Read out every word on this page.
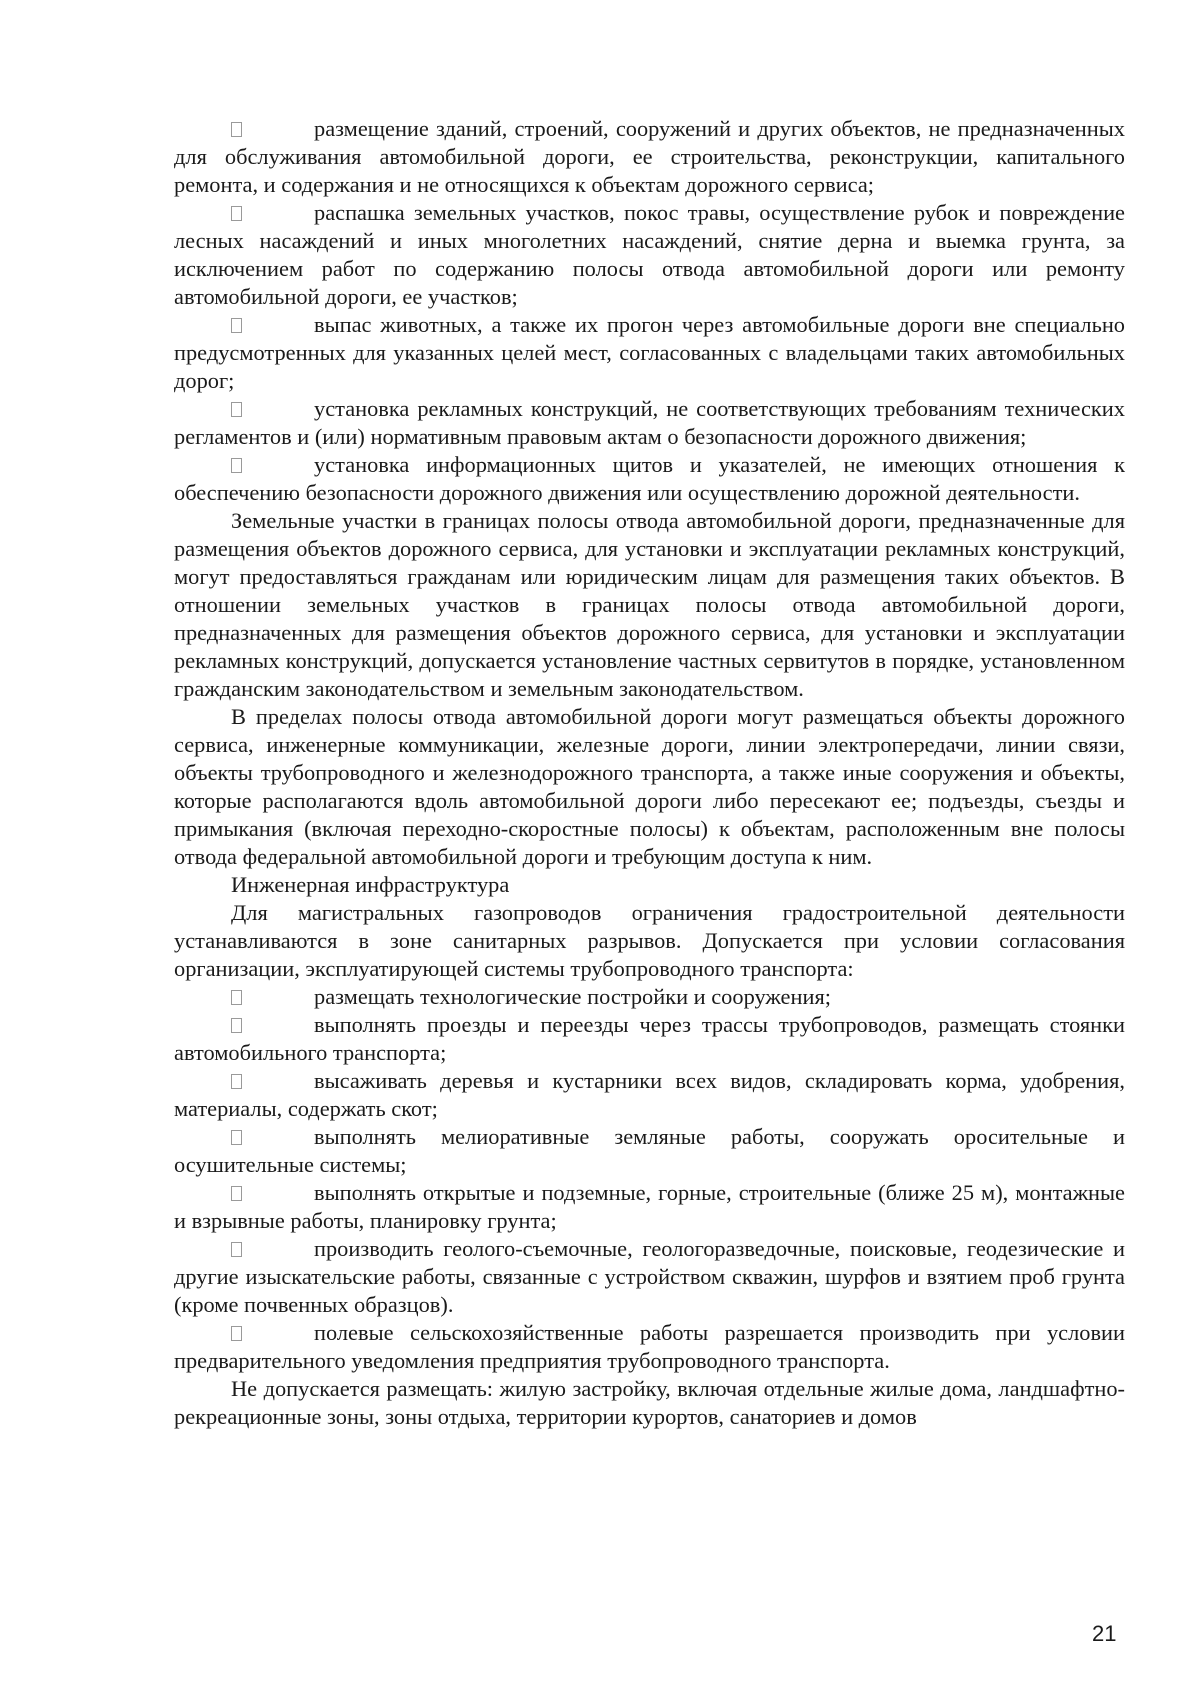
размещение зданий, строений, сооружений и других объектов, не предназначенных для обслуживания автомобильной дороги, ее строительства, реконструкции, капитального ремонта, и содержания и не относящихся к объектам дорожного сервиса;

распашка земельных участков, покос травы, осуществление рубок и повреждение лесных насаждений и иных многолетних насаждений, снятие дерна и выемка грунта, за исключением работ по содержанию полосы отвода автомобильной дороги или ремонту автомобильной дороги, ее участков;

выпас животных, а также их прогон через автомобильные дороги вне специально предусмотренных для указанных целей мест, согласованных с владельцами таких автомобильных дорог;

установка рекламных конструкций, не соответствующих требованиям технических регламентов и (или) нормативным правовым актам о безопасности дорожного движения;

установка информационных щитов и указателей, не имеющих отношения к обеспечению безопасности дорожного движения или осуществлению дорожной деятельности.

Земельные участки в границах полосы отвода автомобильной дороги, предназначенные для размещения объектов дорожного сервиса, для установки и эксплуатации рекламных конструкций, могут предоставляться гражданам или юридическим лицам для размещения таких объектов. В отношении земельных участков в границах полосы отвода автомобильной дороги, предназначенных для размещения объектов дорожного сервиса, для установки и эксплуатации рекламных конструкций, допускается установление частных сервитутов в порядке, установленном гражданским законодательством и земельным законодательством.

В пределах полосы отвода автомобильной дороги могут размещаться объекты дорожного сервиса, инженерные коммуникации, железные дороги, линии электропередачи, линии связи, объекты трубопроводного и железнодорожного транспорта, а также иные сооружения и объекты, которые располагаются вдоль автомобильной дороги либо пересекают ее; подъезды, съезды и примыкания (включая переходно-скоростные полосы) к объектам, расположенным вне полосы отвода федеральной автомобильной дороги и требующим доступа к ним.

Инженерная инфраструктура

Для магистральных газопроводов ограничения градостроительной деятельности устанавливаются в зоне санитарных разрывов. Допускается при условии согласования организации, эксплуатирующей системы трубопроводного транспорта:

размещать технологические постройки и сооружения;

выполнять проезды и переезды через трассы трубопроводов, размещать стоянки автомобильного транспорта;

высаживать деревья и кустарники всех видов, складировать корма, удобрения, материалы, содержать скот;

выполнять мелиоративные земляные работы, сооружать оросительные и осушительные системы;

выполнять открытые и подземные, горные, строительные (ближе 25 м), монтажные и взрывные работы, планировку грунта;

производить геолого-съемочные, геологоразведочные, поисковые, геодезические и другие изыскательские работы, связанные с устройством скважин, шурфов и взятием проб грунта (кроме почвенных образцов).

полевые сельскохозяйственные работы разрешается производить при условии предварительного уведомления предприятия трубопроводного транспорта.

Не допускается размещать: жилую застройку, включая отдельные жилые дома, ландшафтно-рекреационные зоны, зоны отдыха, территории курортов, санаториев и домов

21
